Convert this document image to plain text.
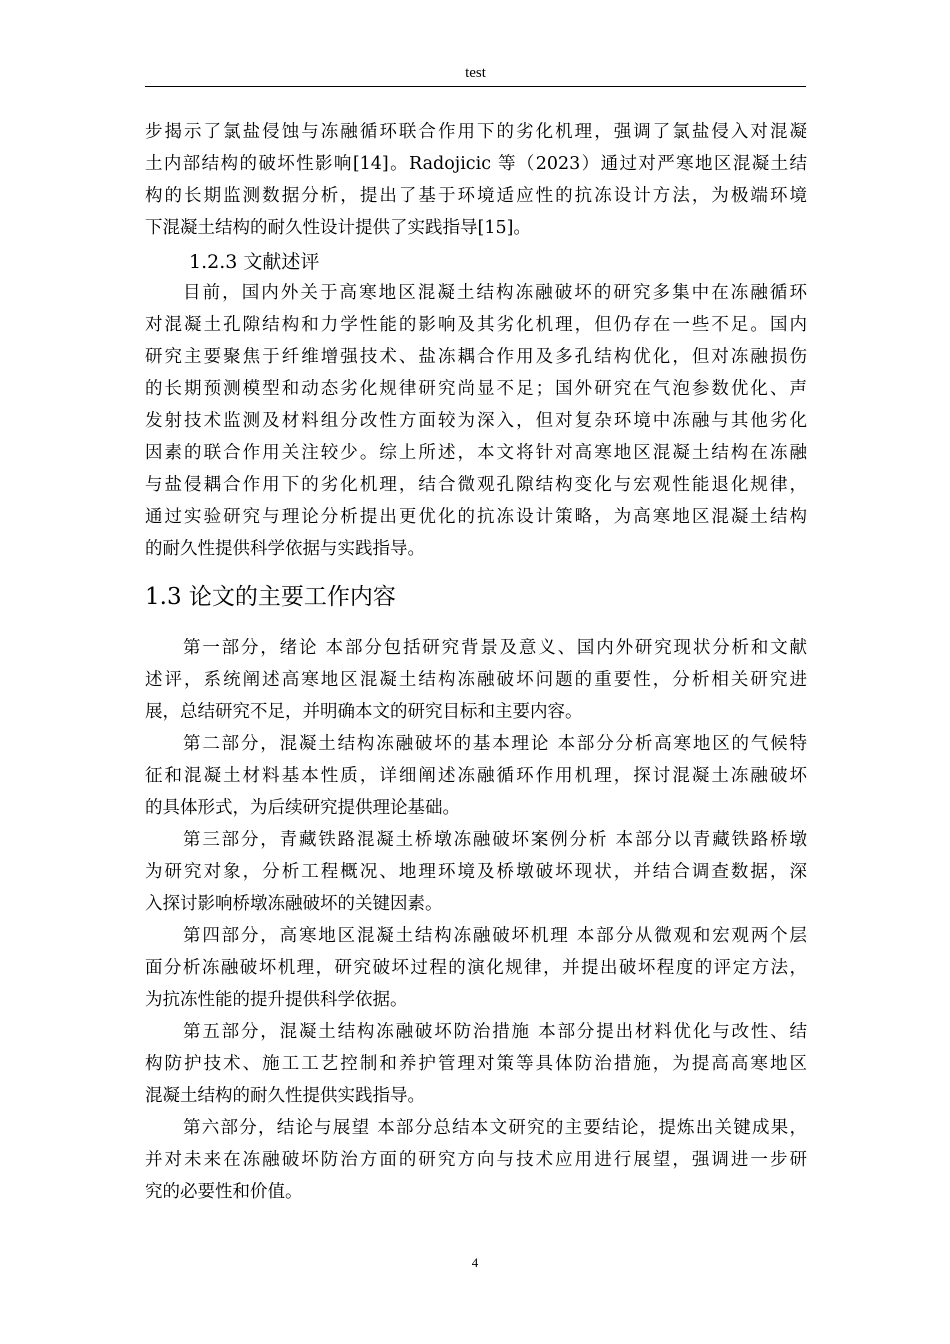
test
步揭示了氯盐侵蚀与冻融循环联合作用下的劣化机理，强调了氯盐侵入对混凝
土内部结构的破坏性影响[14]。Radojicic 等（2023）通过对严寒地区混凝土结
构的长期监测数据分析，提出了基于环境适应性的抗冻设计方法，为极端环境
下混凝土结构的耐久性设计提供了实践指导[15]。
1.2.3 文献述评
目前，国内外关于高寒地区混凝土结构冻融破坏的研究多集中在冻融循环
对混凝土孔隙结构和力学性能的影响及其劣化机理，但仍存在一些不足。国内
研究主要聚焦于纤维增强技术、盐冻耦合作用及多孔结构优化，但对冻融损伤
的长期预测模型和动态劣化规律研究尚显不足；国外研究在气泡参数优化、声
发射技术监测及材料组分改性方面较为深入，但对复杂环境中冻融与其他劣化
因素的联合作用关注较少。综上所述，本文将针对高寒地区混凝土结构在冻融
与盐侵耦合作用下的劣化机理，结合微观孔隙结构变化与宏观性能退化规律，
通过实验研究与理论分析提出更优化的抗冻设计策略，为高寒地区混凝土结构
的耐久性提供科学依据与实践指导。
1.3 论文的主要工作内容
第一部分，绪论 本部分包括研究背景及意义、国内外研究现状分析和文献
述评，系统阐述高寒地区混凝土结构冻融破坏问题的重要性，分析相关研究进
展，总结研究不足，并明确本文的研究目标和主要内容。
第二部分，混凝土结构冻融破坏的基本理论 本部分分析高寒地区的气候特
征和混凝土材料基本性质，详细阐述冻融循环作用机理，探讨混凝土冻融破坏
的具体形式，为后续研究提供理论基础。
第三部分，青藏铁路混凝土桥墩冻融破坏案例分析 本部分以青藏铁路桥墩
为研究对象，分析工程概况、地理环境及桥墩破坏现状，并结合调查数据，深
入探讨影响桥墩冻融破坏的关键因素。
第四部分，高寒地区混凝土结构冻融破坏机理 本部分从微观和宏观两个层
面分析冻融破坏机理，研究破坏过程的演化规律，并提出破坏程度的评定方法，
为抗冻性能的提升提供科学依据。
第五部分，混凝土结构冻融破坏防治措施 本部分提出材料优化与改性、结
构防护技术、施工工艺控制和养护管理对策等具体防治措施，为提高高寒地区
混凝土结构的耐久性提供实践指导。
第六部分，结论与展望 本部分总结本文研究的主要结论，提炼出关键成果，
并对未来在冻融破坏防治方面的研究方向与技术应用进行展望，强调进一步研
究的必要性和价值。
4
